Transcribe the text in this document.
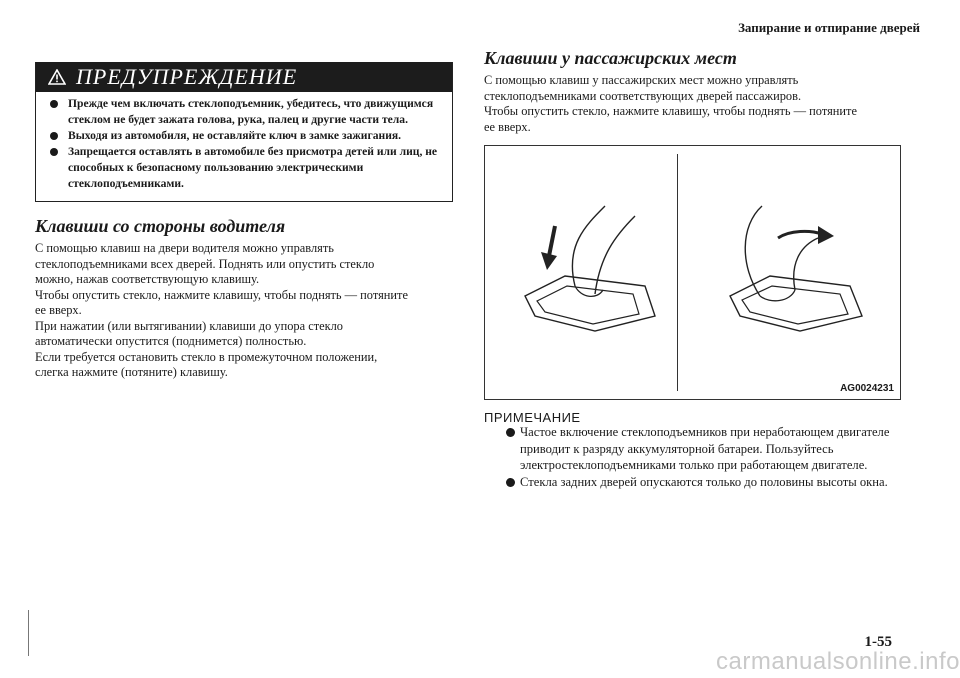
Запирание и отпирание дверей
ПРЕДУПРЕЖДЕНИЕ
Прежде чем включать стеклоподъемник, убедитесь, что движущимся стеклом не будет зажата голова, рука, палец и другие части тела.
Выходя из автомобиля, не оставляйте ключ в замке зажигания.
Запрещается оставлять в автомобиле без присмотра детей или лиц, не способных к безопасному пользованию электрическими стеклоподъемниками.
Клавиши со стороны водителя

С помощью клавиш на двери водителя можно управлять

стеклоподъемниками всех дверей. Поднять или опустить стекло

можно, нажав соответствующую клавишу.

Чтобы опустить стекло, нажмите клавишу, чтобы поднять — потяните

ее вверх.

При нажатии (или вытягивании) клавиши до упора стекло

автоматически опустится (поднимется) полностью.

Если требуется остановить стекло в промежуточном положении,

слегка нажмите (потяните) клавишу.

Клавиши у пассажирских мест

С помощью клавиш у пассажирских мест можно управлять

стеклоподъемниками соответствующих дверей пассажиров.

Чтобы опустить стекло, нажмите клавишу, чтобы поднять — потяните

ее вверх.

AG0024231
ПРИМЕЧАНИЕ
Частое включение стеклоподъемников при неработающем двигателе приводит к разряду аккумуляторной батареи. Пользуйтесь электростеклоподъемниками только при работающем двигателе.
Стекла задних дверей опускаются только до половины высоты окна.
1-55
carmanualsonline.info
